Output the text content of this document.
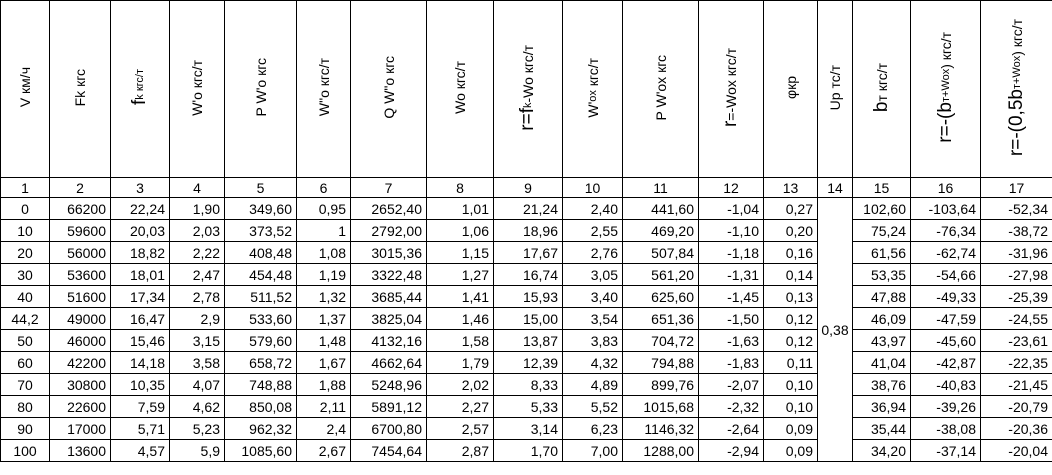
V км/ч	Fk кгс	fk кгс/т	W'o кгс/т	P W'o кгс	W"o кгс/т	Q W"o кгс	Wo кгс/т	r=fk-Wo кгс/т	W'ox кгс/т	P W'ox кгс	r=-Wox кгс/т	φкр	Up тс/т	bт кгс/т	r=-(bт+Wox) кгс/т	r=-(0,5bт+Wox) кгс/т
1	2	3	4	5	6	7	8	9	10	11	12	13	14	15	16	17
0	66200	22,24	1,90	349,60	0,95	2652,40	1,01	21,24	2,40	441,60	-1,04	0,27	0,38	102,60	-103,64	-52,34
10	59600	20,03	2,03	373,52	1	2792,00	1,06	18,96	2,55	469,20	-1,10	0,20		75,24	-76,34	-38,72
20	56000	18,82	2,22	408,48	1,08	3015,36	1,15	17,67	2,76	507,84	-1,18	0,16		61,56	-62,74	-31,96
30	53600	18,01	2,47	454,48	1,19	3322,48	1,27	16,74	3,05	561,20	-1,31	0,14		53,35	-54,66	-27,98
40	51600	17,34	2,78	511,52	1,32	3685,44	1,41	15,93	3,40	625,60	-1,45	0,13		47,88	-49,33	-25,39
44,2	49000	16,47	2,9	533,60	1,37	3825,04	1,46	15,00	3,54	651,36	-1,50	0,12		46,09	-47,59	-24,55
50	46000	15,46	3,15	579,60	1,48	4132,16	1,58	13,87	3,83	704,72	-1,63	0,12		43,97	-45,60	-23,61
60	42200	14,18	3,58	658,72	1,67	4662,64	1,79	12,39	4,32	794,88	-1,83	0,11		41,04	-42,87	-22,35
70	30800	10,35	4,07	748,88	1,88	5248,96	2,02	8,33	4,89	899,76	-2,07	0,10		38,76	-40,83	-21,45
80	22600	7,59	4,62	850,08	2,11	5891,12	2,27	5,33	5,52	1015,68	-2,32	0,10		36,94	-39,26	-20,79
90	17000	5,71	5,23	962,32	2,4	6700,80	2,57	3,14	6,23	1146,32	-2,64	0,09		35,44	-38,08	-20,36
100	13600	4,57	5,9	1085,60	2,67	7454,64	2,87	1,70	7,00	1288,00	-2,94	0,09		34,20	-37,14	-20,04
